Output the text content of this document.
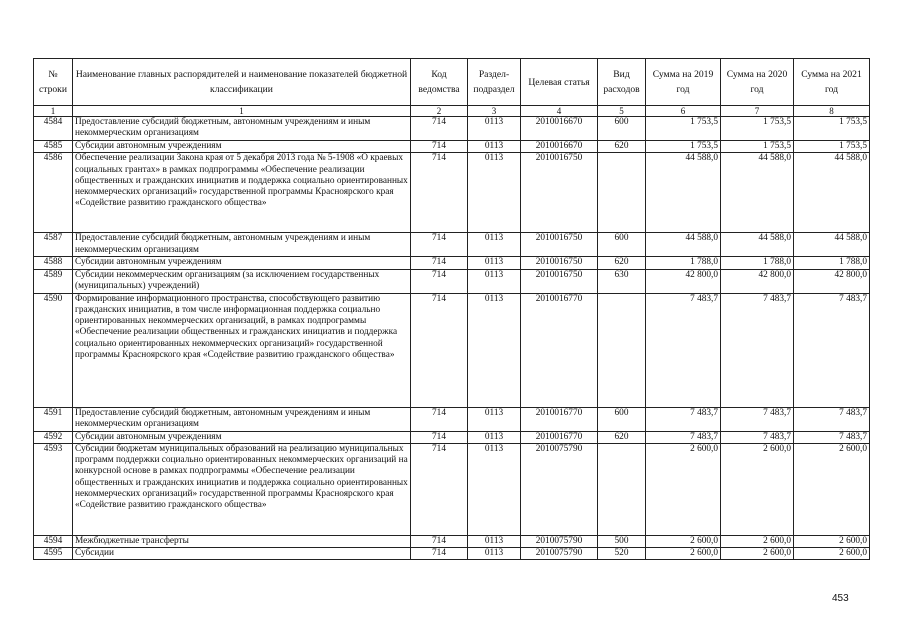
№ строки	Наименование главных распорядителей и наименование показателей бюджетной классификации	Код ведомства	Раздел-подраздел	Целевая статья	Вид расходов	Сумма на 2019 год	Сумма на 2020 год	Сумма на 2021 год
1	1	2	3	4	5	6	7	8
4584	Предоставление субсидий бюджетным, автономным учреждениям и иным некоммерческим организациям	714	0113	2010016670	600	1 753,5	1 753,5	1 753,5
4585	Субсидии автономным учреждениям	714	0113	2010016670	620	1 753,5	1 753,5	1 753,5
4586	Обеспечение реализации Закона края от 5 декабря 2013 года № 5-1908 «О краевых социальных грантах» в рамках подпрограммы «Обеспечение реализации общественных и гражданских инициатив и поддержка социально ориентированных некоммерческих организаций» государственной программы Красноярского края «Содействие развитию гражданского общества»	714	0113	2010016750		44 588,0	44 588,0	44 588,0
4587	Предоставление субсидий бюджетным, автономным учреждениям и иным некоммерческим организациям	714	0113	2010016750	600	44 588,0	44 588,0	44 588,0
4588	Субсидии автономным учреждениям	714	0113	2010016750	620	1 788,0	1 788,0	1 788,0
4589	Субсидии некоммерческим организациям (за исключением государственных (муниципальных) учреждений)	714	0113	2010016750	630	42 800,0	42 800,0	42 800,0
4590	Формирование информационного пространства, способствующего развитию гражданских инициатив, в том числе информационная поддержка социально ориентированных некоммерческих организаций, в рамках подпрограммы «Обеспечение реализации общественных и гражданских инициатив и поддержка социально ориентированных некоммерческих организаций» государственной программы Красноярского края «Содействие развитию гражданского общества»	714	0113	2010016770		7 483,7	7 483,7	7 483,7
4591	Предоставление субсидий бюджетным, автономным учреждениям и иным некоммерческим организациям	714	0113	2010016770	600	7 483,7	7 483,7	7 483,7
4592	Субсидии автономным учреждениям	714	0113	2010016770	620	7 483,7	7 483,7	7 483,7
4593	Субсидии бюджетам муниципальных образований на реализацию муниципальных программ поддержки социально ориентированных некоммерческих организаций на конкурсной основе в рамках подпрограммы «Обеспечение реализации общественных и гражданских инициатив и поддержка социально ориентированных некоммерческих организаций» государственной программы Красноярского края «Содействие развитию гражданского общества»	714	0113	2010075790		2 600,0	2 600,0	2 600,0
4594	Межбюджетные трансферты	714	0113	2010075790	500	2 600,0	2 600,0	2 600,0
4595	Субсидии	714	0113	2010075790	520	2 600,0	2 600,0	2 600,0
453
